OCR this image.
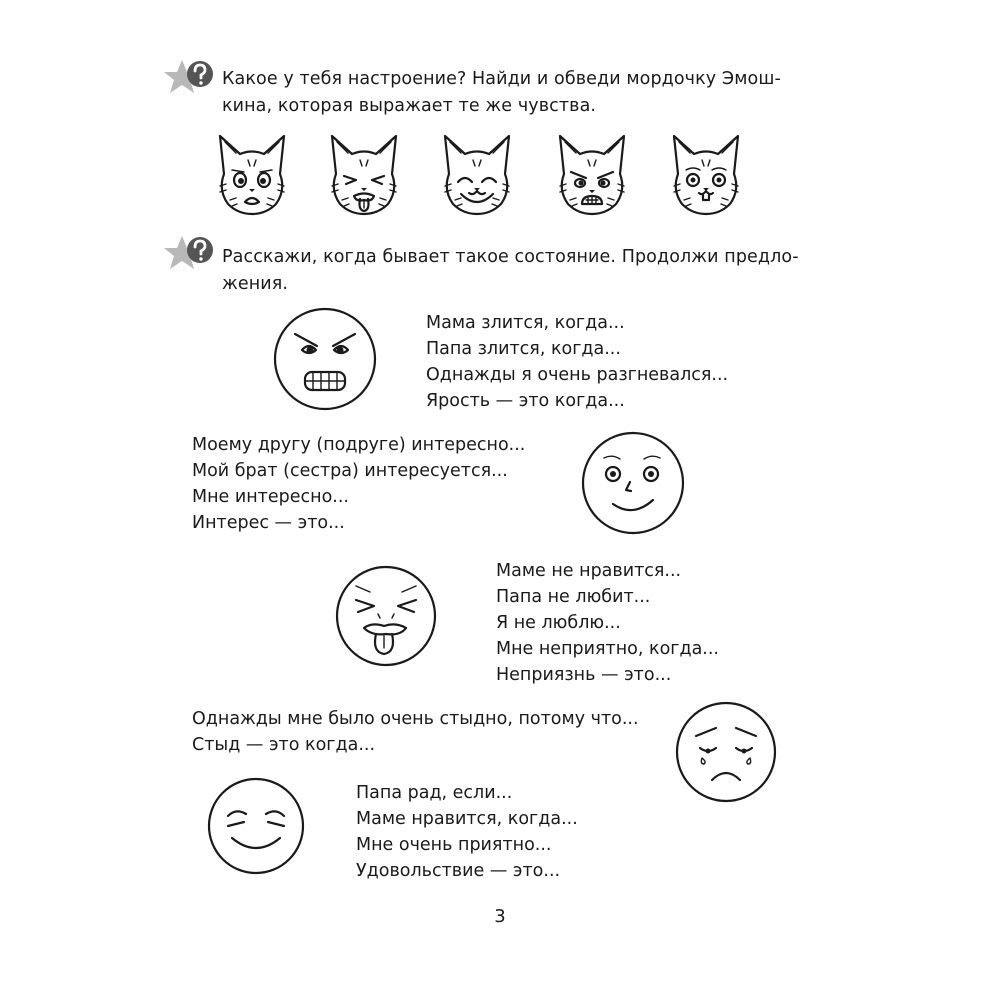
Какое у тебя настроение? Найди и обведи мордочку Эмош-
кина, которая выражает те же чувства.
Расскажи, когда бывает такое состояние. Продолжи предло-
жения.
Мама злится, когда...
Папа злится, когда...
Однажды я очень разгневался...
Ярость — это когда...
Моему другу (подруге) интересно...
Мой брат (сестра) интересуется...
Мне интересно...
Интерес — это...
Маме не нравится...
Папа не любит...
Я не люблю...
Мне неприятно, когда...
Неприязнь — это...
Однажды мне было очень стыдно, потому что...
Стыд — это когда...
Папа рад, если...
Маме нравится, когда...
Мне очень приятно...
Удовольствие — это...
3
